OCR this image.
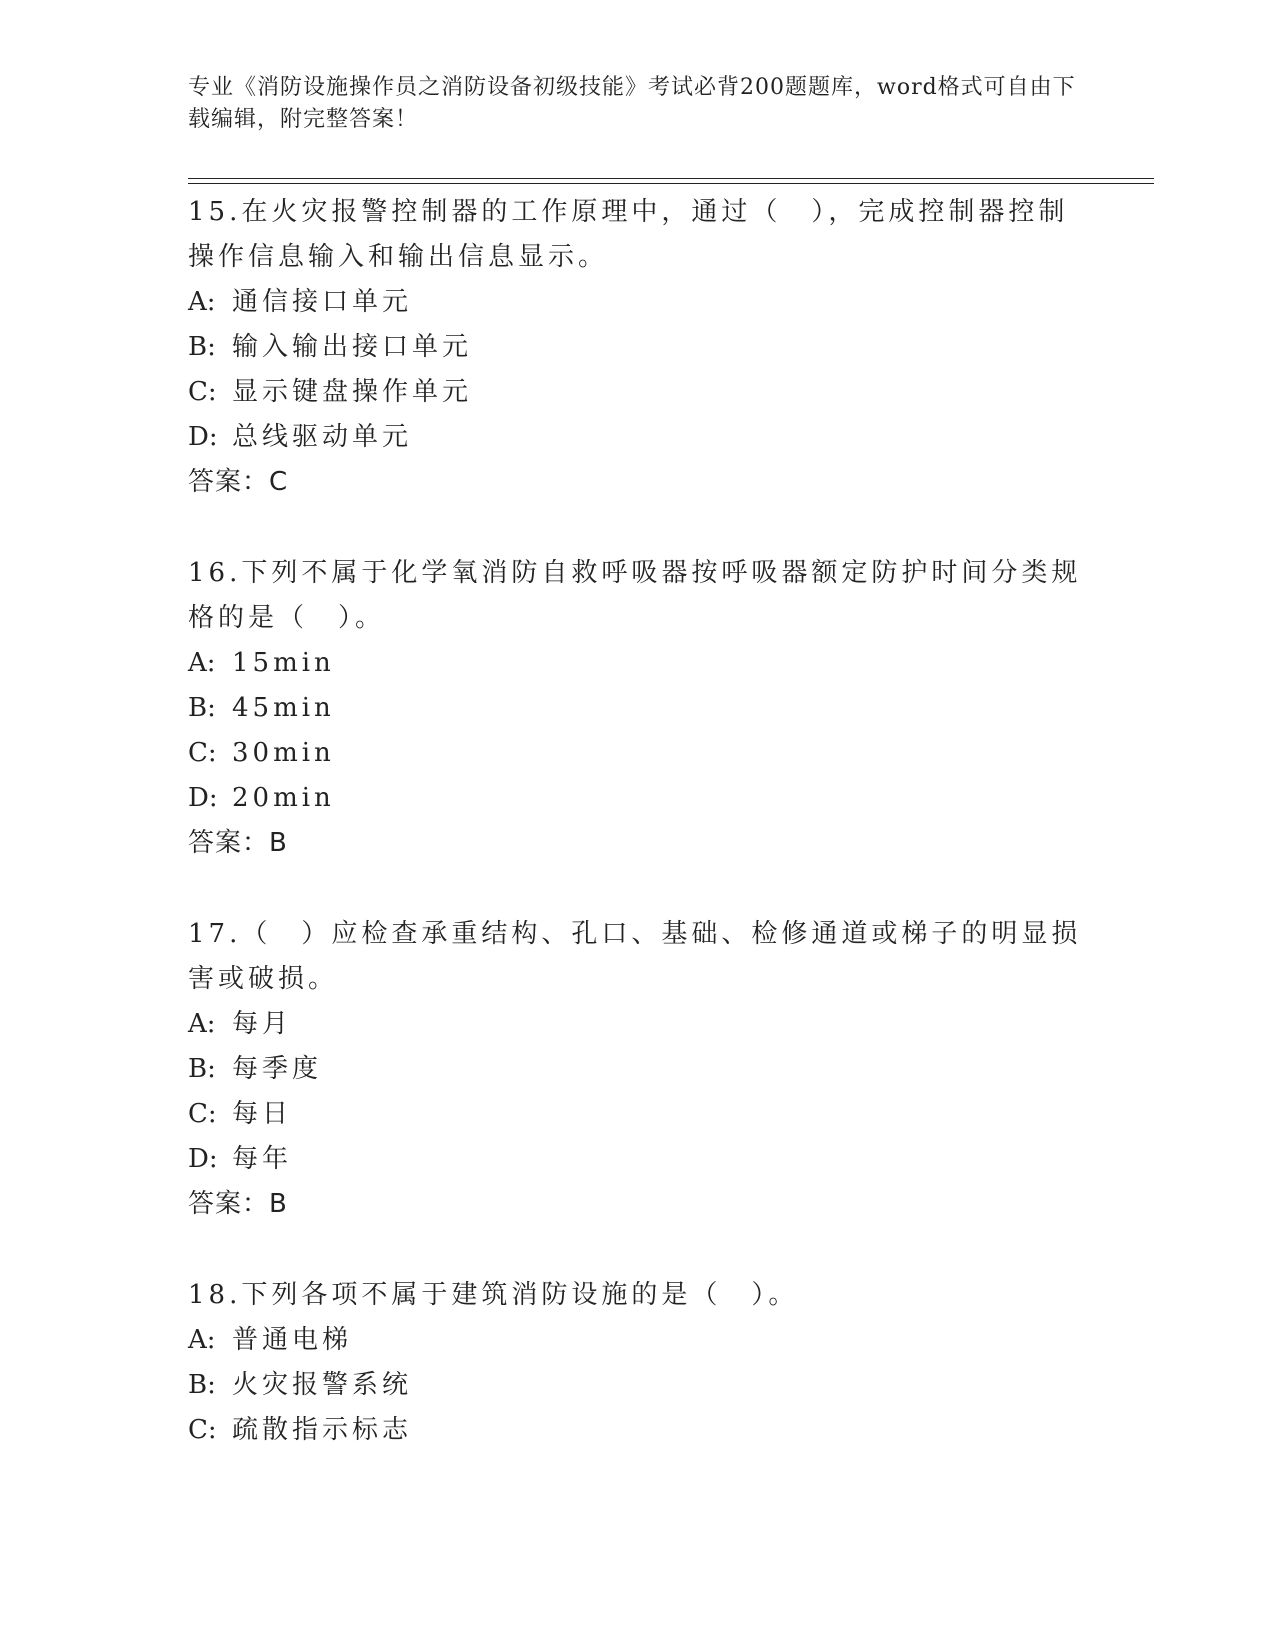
专业《消防设施操作员之消防设备初级技能》考试必背200题题库，word格式可自由下载编辑，附完整答案！
15.在火灾报警控制器的工作原理中，通过（　），完成控制器控制操作信息输入和输出信息显示。
A: 通信接口单元
B: 输入输出接口单元
C: 显示键盘操作单元
D: 总线驱动单元
答案：C
16.下列不属于化学氧消防自救呼吸器按呼吸器额定防护时间分类规格的是（　）。
A: 15min
B: 45min
C: 30min
D: 20min
答案：B
17.（　）应检查承重结构、孔口、基础、检修通道或梯子的明显损害或破损。
A: 每月
B: 每季度
C: 每日
D: 每年
答案：B
18.下列各项不属于建筑消防设施的是（　）。
A: 普通电梯
B: 火灾报警系统
C: 疏散指示标志
